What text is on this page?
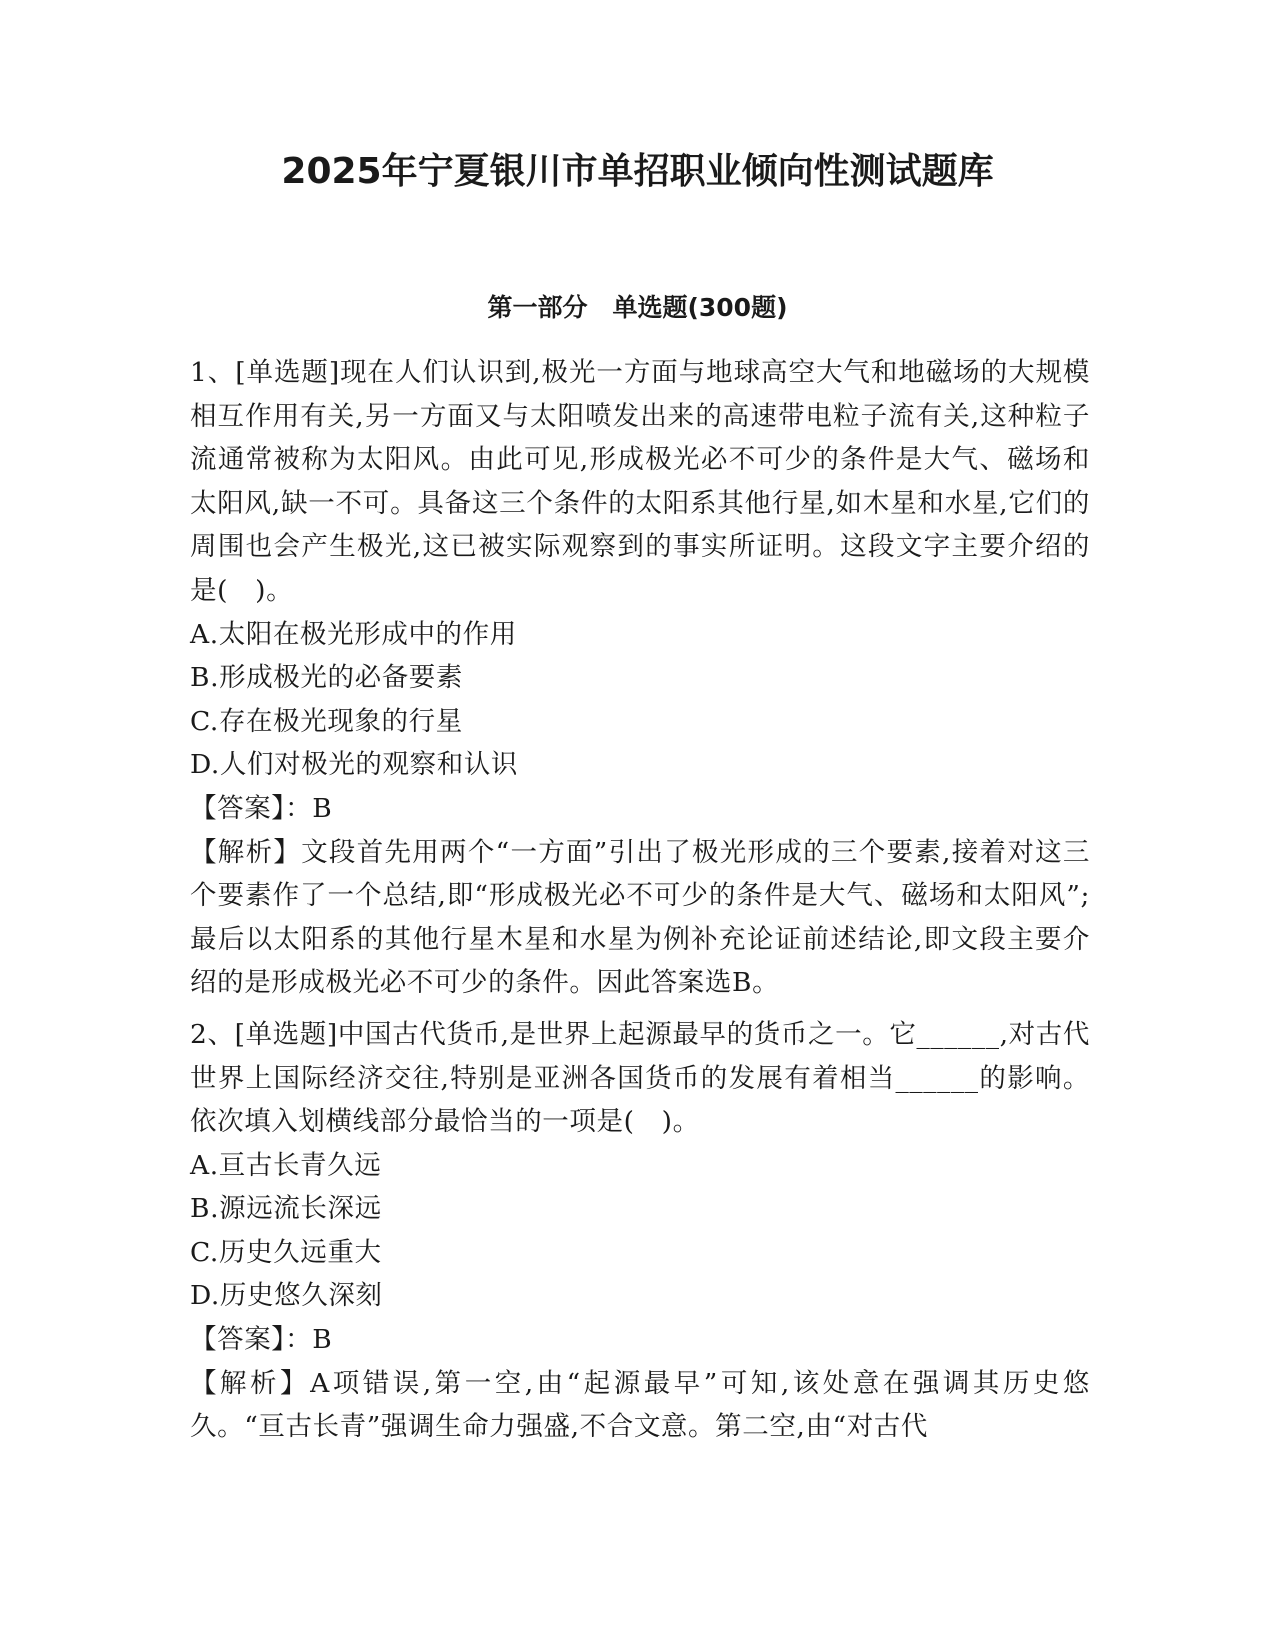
2025年宁夏银川市单招职业倾向性测试题库
第一部分　单选题(300题)

1、[单选题]现在人们认识到,极光一方面与地球高空大气和地磁场的大规模相互作用有关,另一方面又与太阳喷发出来的高速带电粒子流有关,这种粒子流通常被称为太阳风。由此可见,形成极光必不可少的条件是大气、磁场和太阳风,缺一不可。具备这三个条件的太阳系其他行星,如木星和水星,它们的周围也会产生极光,这已被实际观察到的事实所证明。这段文字主要介绍的是(　)。

A.太阳在极光形成中的作用

B.形成极光的必备要素

C.存在极光现象的行星

D.人们对极光的观察和认识

【答案】：B

【解析】文段首先用两个“一方面”引出了极光形成的三个要素,接着对这三个要素作了一个总结,即“形成极光必不可少的条件是大气、磁场和太阳风”;最后以太阳系的其他行星木星和水星为例补充论证前述结论,即文段主要介绍的是形成极光必不可少的条件。因此答案选B。

2、[单选题]中国古代货币,是世界上起源最早的货币之一。它______,对古代世界上国际经济交往,特别是亚洲各国货币的发展有着相当______的影响。依次填入划横线部分最恰当的一项是(　)。

A.亘古长青久远

B.源远流长深远

C.历史久远重大

D.历史悠久深刻

【答案】：B

【解析】A项错误,第一空,由“起源最早”可知,该处意在强调其历史悠久。“亘古长青”强调生命力强盛,不合文意。第二空,由“对古代
